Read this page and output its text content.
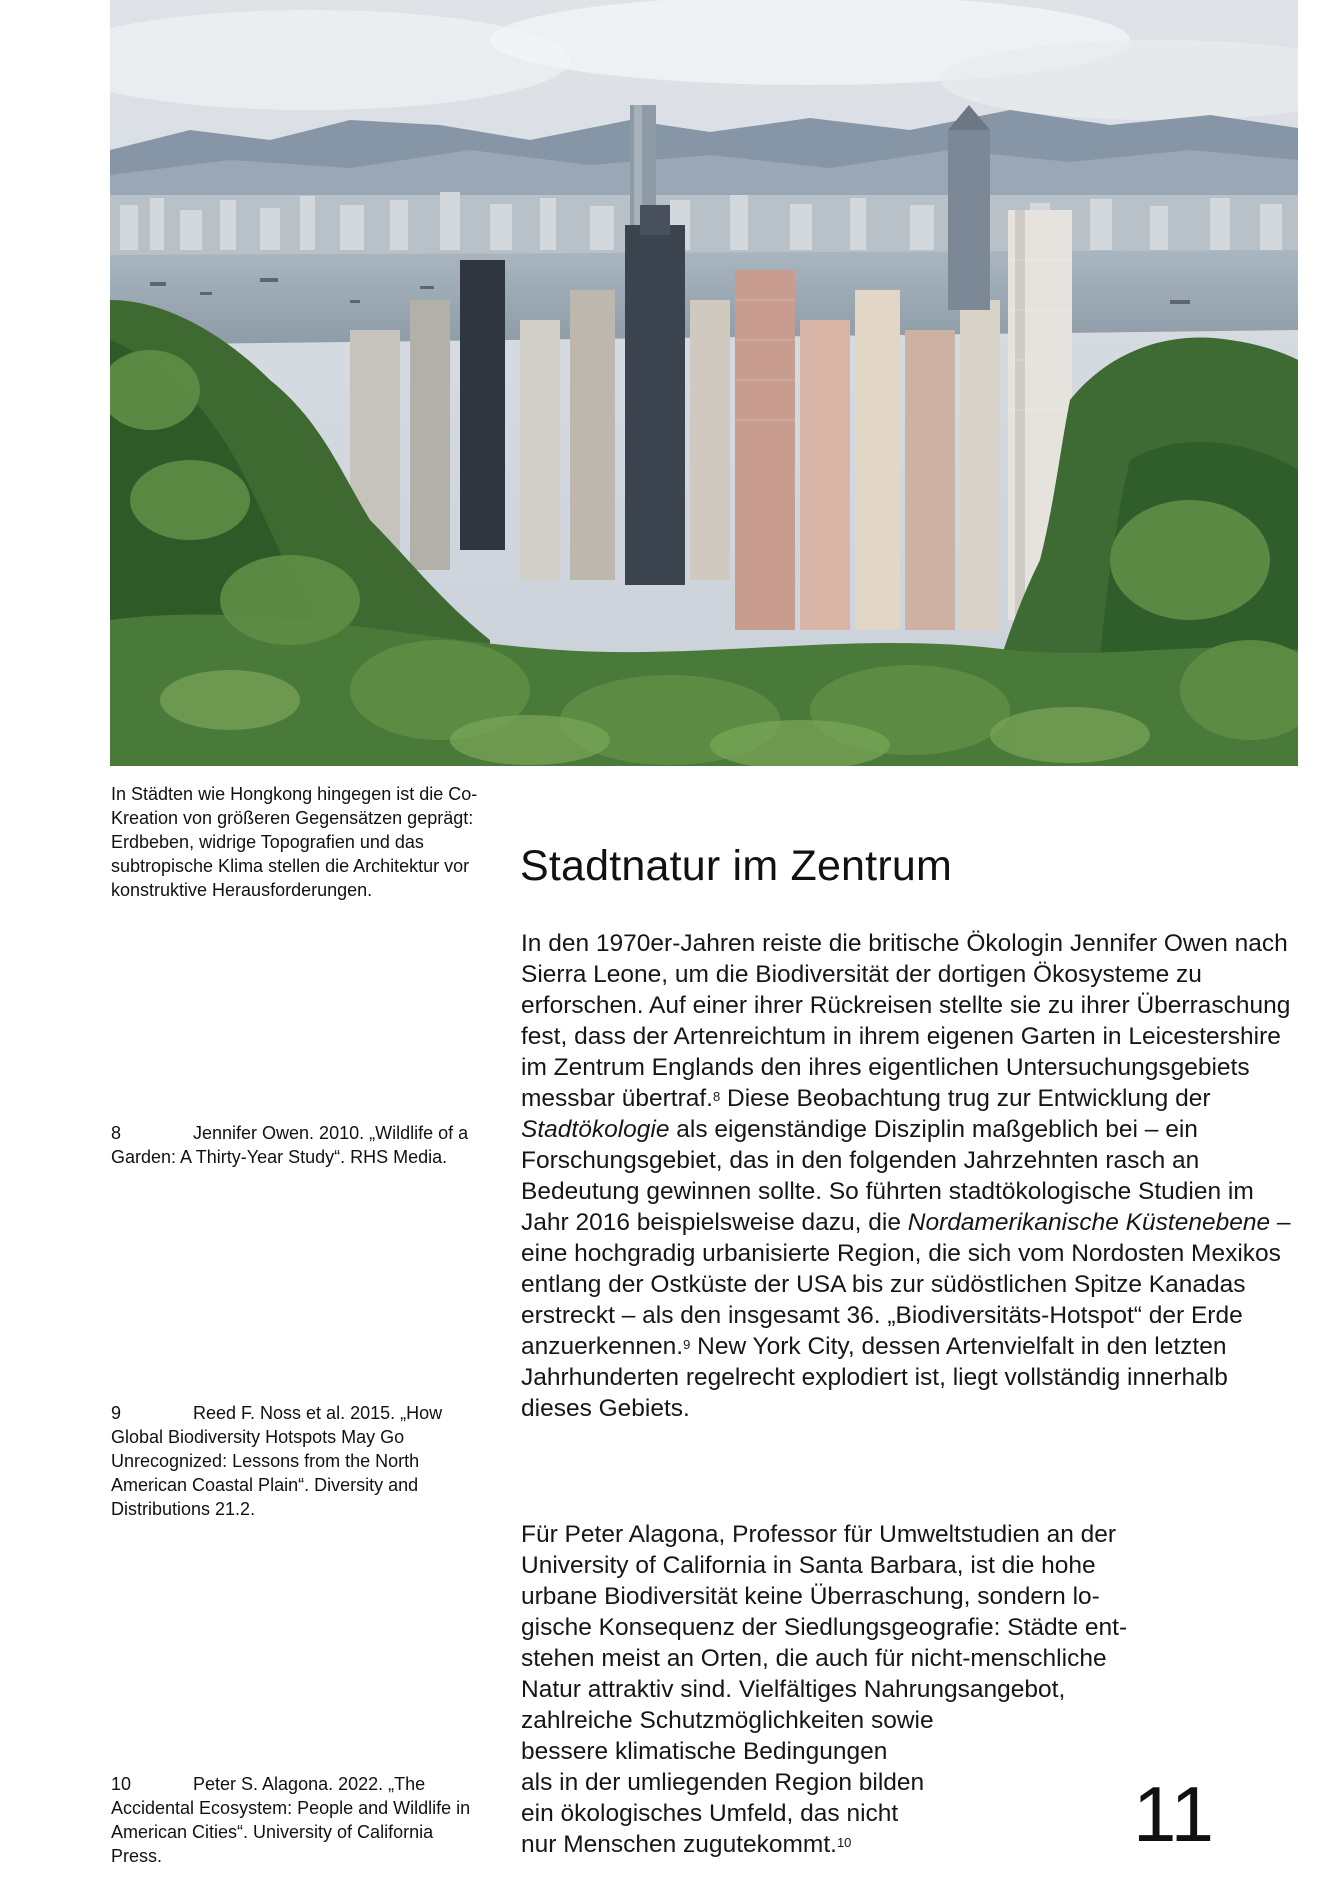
In Städten wie Hongkong hingegen ist die Co-Kreation von größeren Gegensätzen geprägt: Erdbeben, widrige Topografien und das subtropische Klima stellen die Architektur vor konstruktive Herausforderungen.
8	Jennifer Owen. 2010. „Wildlife of a Garden: A Thirty-Year Study“. RHS Media.
9	Reed F. Noss et al. 2015. „How Global Biodiversity Hotspots May Go Unrecognized: Lessons from the North American Coastal Plain“. Diversity and Distributions 21.2.
10	Peter S. Alagona. 2022. „The Accidental Ecosystem: People and Wildlife in American Cities“. University of California Press.
Stadtnatur im Zentrum

In den 1970er-Jahren reiste die britische Ökologin Jennifer Owen nach Sierra Leone, um die Biodiversität der dortigen Ökosysteme zu erforschen. Auf einer ihrer Rückreisen stellte sie zu ihrer Überraschung fest, dass der Artenreichtum in ihrem eigenen Garten in Leicestershire im Zentrum Englands den ihres eigentlichen Untersuchungsgebiets messbar übertraf.$^8$ Diese Beobachtung trug zur Entwicklung der Stadtökologie als eigenständige Disziplin maßgeblich bei – ein Forschungsgebiet, das in den folgenden Jahrzehnten rasch an Bedeutung gewinnen sollte. So führten stadtökologische Studien im Jahr 2016 beispielsweise dazu, die Nordamerikanische Küstenebene – eine hochgradig urbanisierte Region, die sich vom Nordosten Mexikos entlang der Ostküste der USA bis zur südöstlichen Spitze Kanadas erstreckt – als den insgesamt 36. „Biodiversitäts-Hotspot“ der Erde anzuerkennen.$^9$ New York City, dessen Artenvielfalt in den letzten Jahrhunderten regelrecht explodiert ist, liegt vollständig innerhalb dieses Gebiets.

Für Peter Alagona, Professor für Umweltstudien an der
University of California in Santa Barbara, ist die hohe
urbane Biodiversität keine Überraschung, sondern lo-
gische Konsequenz der Siedlungsgeografie: Städte ent-
stehen meist an Orten, die auch für nicht-menschliche
Natur attraktiv sind. Vielfältiges Nahrungsangebot,
zahlreiche Schutzmöglichkeiten sowie
bessere klimatische Bedingungen
als in der umliegenden Region bilden
ein ökologisches Umfeld, das nicht
nur Menschen zugutekommt.$^{10}$	11
